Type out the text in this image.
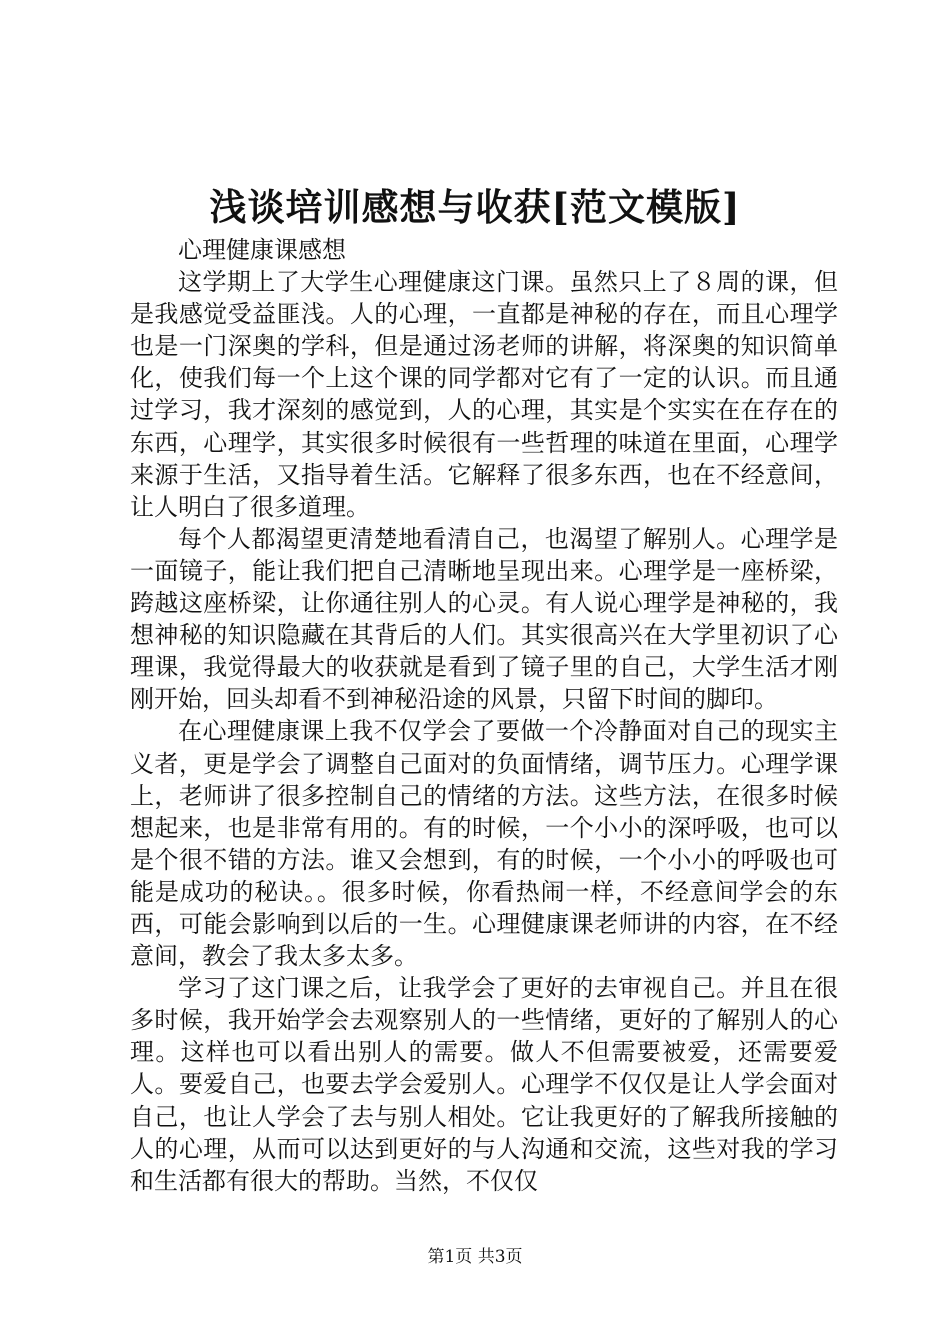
浅谈培训感想与收获[范文模版]

心理健康课感想

这学期上了大学生心理健康这门课。虽然只上了８周的课，但是我感觉受益匪浅。人的心理，一直都是神秘的存在，而且心理学也是一门深奥的学科，但是通过汤老师的讲解，将深奥的知识简单化，使我们每一个上这个课的同学都对它有了一定的认识。而且通过学习，我才深刻的感觉到，人的心理，其实是个实实在在存在的东西，心理学，其实很多时候很有一些哲理的味道在里面，心理学来源于生活，又指导着生活。它解释了很多东西，也在不经意间，让人明白了很多道理。

每个人都渴望更清楚地看清自己，也渴望了解别人。心理学是一面镜子，能让我们把自己清晰地呈现出来。心理学是一座桥梁，跨越这座桥梁，让你通往别人的心灵。有人说心理学是神秘的，我想神秘的知识隐藏在其背后的人们。其实很高兴在大学里初识了心理课，我觉得最大的收获就是看到了镜子里的自己，大学生活才刚刚开始，回头却看不到神秘沿途的风景，只留下时间的脚印。

在心理健康课上我不仅学会了要做一个冷静面对自己的现实主义者，更是学会了调整自己面对的负面情绪，调节压力。心理学课上，老师讲了很多控制自己的情绪的方法。这些方法，在很多时候想起来，也是非常有用的。有的时候，一个小小的深呼吸，也可以是个很不错的方法。谁又会想到，有的时候，一个小小的呼吸也可能是成功的秘诀。。很多时候，你看热闹一样，不经意间学会的东西，可能会影响到以后的一生。心理健康课老师讲的内容，在不经意间，教会了我太多太多。

学习了这门课之后，让我学会了更好的去审视自己。并且在很多时候，我开始学会去观察别人的一些情绪，更好的了解别人的心理。这样也可以看出别人的需要。做人不但需要被爱，还需要爱人。要爱自己，也要去学会爱别人。心理学不仅仅是让人学会面对自己，也让人学会了去与别人相处。它让我更好的了解我所接触的人的心理，从而可以达到更好的与人沟通和交流，这些对我的学习和生活都有很大的帮助。当然，不仅仅

第1页 共3页
